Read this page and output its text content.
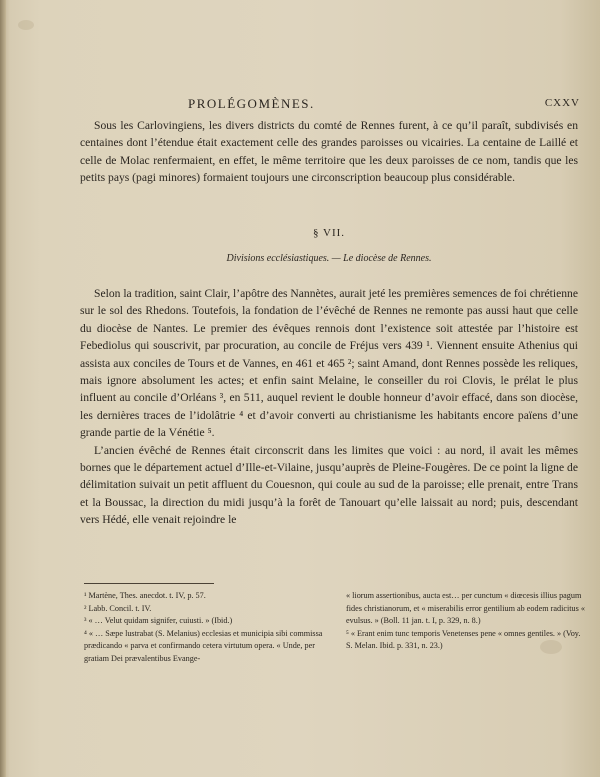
PROLÉGOMÈNES.	CXXV

Sous les Carlovingiens, les divers districts du comté de Rennes furent, à ce qu’il paraît, subdivisés en centaines dont l’étendue était exactement celle des grandes paroisses ou vicairies. La centaine de Laillé et celle de Molac renfermaient, en effet, le même territoire que les deux paroisses de ce nom, tandis que les petits pays (pagi minores) formaient toujours une circonscription beaucoup plus considérable.

§ VII.
Divisions ecclésiastiques. — Le diocèse de Rennes.

Selon la tradition, saint Clair, l’apôtre des Nannètes, aurait jeté les premières semences de foi chrétienne sur le sol des Rhedons. Toutefois, la fondation de l’évêché de Rennes ne remonte pas aussi haut que celle du diocèse de Nantes. Le premier des évêques rennois dont l’existence soit attestée par l’histoire est Febediolus qui souscrivit, par procuration, au concile de Fréjus vers 439 ¹. Viennent ensuite Athenius qui assista aux conciles de Tours et de Vannes, en 461 et 465 ²; saint Amand, dont Rennes possède les reliques, mais ignore absolument les actes; et enfin saint Melaine, le conseiller du roi Clovis, le prélat le plus influent au concile d’Orléans ³, en 511, auquel revient le double honneur d’avoir effacé, dans son diocèse, les dernières traces de l’idolâtrie ⁴ et d’avoir converti au christianisme les habitants encore païens d’une grande partie de la Vénétie ⁵.

L’ancien évêché de Rennes était circonscrit dans les limites que voici : au nord, il avait les mêmes bornes que le département actuel d’Ille-et-Vilaine, jusqu’auprès de Pleine-Fougères. De ce point la ligne de délimitation suivait un petit affluent du Couesnon, qui coule au sud de la paroisse; elle prenait, entre Trans et la Boussac, la direction du midi jusqu’à la forêt de Tanouart qu’elle laissait au nord; puis, descendant vers Hédé, elle venait rejoindre le

¹ Martène, Thes. anecdot. t. IV, p. 57.

² Labb. Concil. t. IV.

³ « … Velut quidam signifer, cuiusti. » (Ibid.)

⁴ « … Sæpe lustrabat (S. Melanius) ecclesias et municipia sibi commissa prædicando « parva et confirmando cetera virtutum opera. « Unde, per gratiam Dei prævalentibus Evange-

« liorum assertionibus, aucta est… per cunctum « diœcesis illius pagum fides christianorum, et « miserabilis error gentilium ab eodem radicitus « evulsus. » (Boll. 11 jan. t. I, p. 329, n. 8.)

⁵ « Erant enim tunc temporis Venetenses pene « omnes gentiles. » (Voy. S. Melan. Ibid. p. 331, n. 23.)
